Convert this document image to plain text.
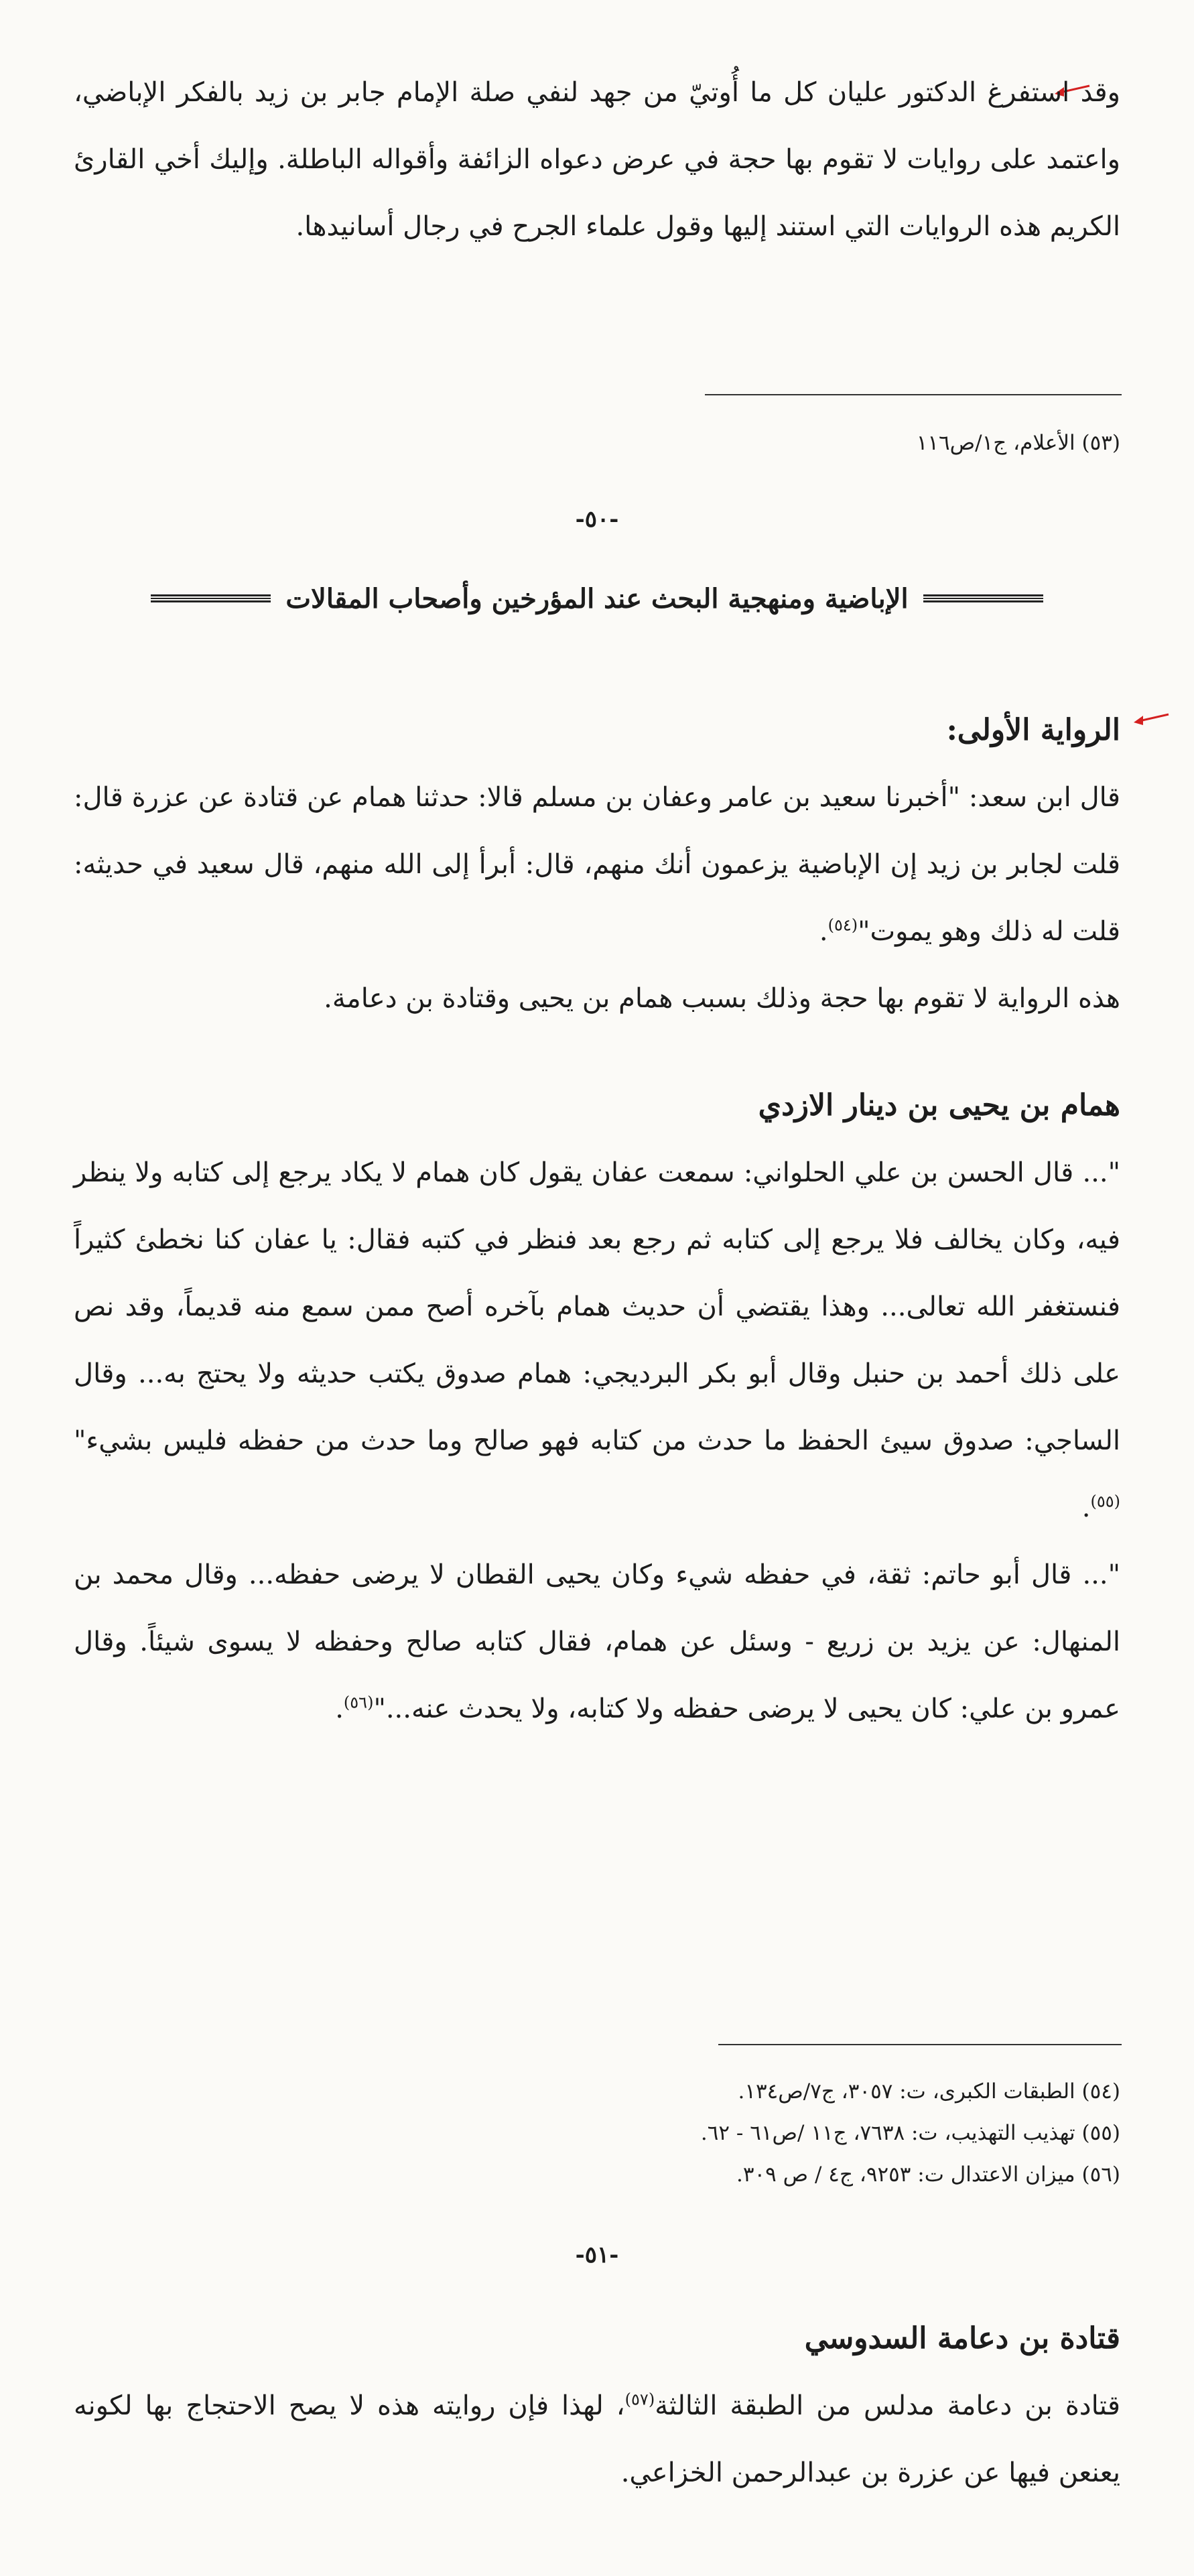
وقد استفرغ الدكتور عليان كل ما أُوتيّ من جهد لنفي صلة الإمام جابر بن زيد بالفكر الإباضي، واعتمد على روايات لا تقوم بها حجة في عرض دعواه الزائفة وأقواله الباطلة. وإليك أخي القارئ الكريم هذه الروايات التي استند إليها وقول علماء الجرح في رجال أسانيدها.

(٥٣) الأعلام، ج١/ص١١٦

-٥٠-
الإباضية ومنهجية البحث عند المؤرخين وأصحاب المقالات
الرواية الأولى:

قال ابن سعد: "أخبرنا سعيد بن عامر وعفان بن مسلم قالا: حدثنا همام عن قتادة عن عزرة قال: قلت لجابر بن زيد إن الإباضية يزعمون أنك منهم، قال: أبرأ إلى الله منهم، قال سعيد في حديثه: قلت له ذلك وهو يموت"$^{(٥٤)}$.

هذه الرواية لا تقوم بها حجة وذلك بسبب همام بن يحيى وقتادة بن دعامة.

همام بن يحيى بن دينار الازدي

"... قال الحسن بن علي الحلواني: سمعت عفان يقول كان همام لا يكاد يرجع إلى كتابه ولا ينظر فيه، وكان يخالف فلا يرجع إلى كتابه ثم رجع بعد فنظر في كتبه فقال: يا عفان كنا نخطئ كثيراً فنستغفر الله تعالى... وهذا يقتضي أن حديث همام بآخره أصح ممن سمع منه قديماً، وقد نص على ذلك أحمد بن حنبل وقال أبو بكر البرديجي: همام صدوق يكتب حديثه ولا يحتج به... وقال الساجي: صدوق سيئ الحفظ ما حدث من كتابه فهو صالح وما حدث من حفظه فليس بشيء"$^{(٥٥)}$.

"... قال أبو حاتم: ثقة، في حفظه شيء وكان يحيى القطان لا يرضى حفظه... وقال محمد بن المنهال: عن يزيد بن زريع - وسئل عن همام، فقال كتابه صالح وحفظه لا يسوى شيئاً. وقال عمرو بن علي: كان يحيى لا يرضى حفظه ولا كتابه، ولا يحدث عنه..."$^{(٥٦)}$.

(٥٤) الطبقات الكبرى، ت: ٣٠٥٧، ج٧/ص١٣٤.

(٥٥) تهذيب التهذيب، ت: ٧٦٣٨، ج١١ /ص٦١ - ٦٢.

(٥٦) ميزان الاعتدال ت: ٩٢٥٣، ج٤ / ص ٣٠٩.

-٥١-
قتادة بن دعامة السدوسي

قتادة بن دعامة مدلس من الطبقة الثالثة$^{(٥٧)}$، لهذا فإن روايته هذه لا يصح الاحتجاج بها لكونه يعنعن فيها عن عزرة بن عبدالرحمن الخزاعي.
